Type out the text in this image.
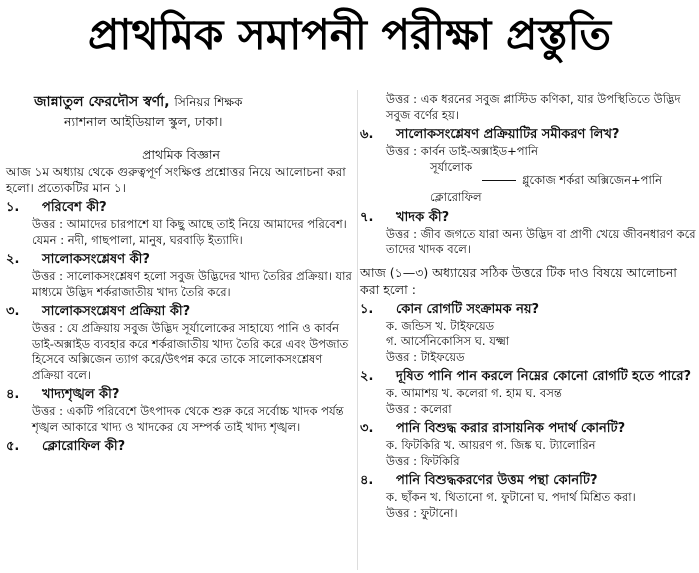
প্রাথমিক সমাপনী পরীক্ষা প্রস্তুতি
জান্নাতুল ফেরদৌস স্বর্ণা, সিনিয়র শিক্ষক
ন্যাশনাল আইডিয়াল স্কুল, ঢাকা।
প্রাথমিক বিজ্ঞান

আজ ১ম অধ্যায় থেকে গুরুত্বপূর্ণ সংক্ষিপ্ত প্রশ্নোত্তর নিয়ে আলোচনা করা হলো। প্রত্যেকটির মান ১।

১.	পরিবেশ কী?

উত্তর : আমাদের চারপাশে যা কিছু আছে তাই নিয়ে আমাদের পরিবেশ। যেমন : নদী, গাছপালা, মানুষ, ঘরবাড়ি ইত্যাদি।

২.	সালোকসংশ্লেষণ কী?

উত্তর : সালোকসংশ্লেষণ হলো সবুজ উদ্ভিদের খাদ্য তৈরির প্রক্রিয়া। যার মাধ্যমে উদ্ভিদ শর্করাজাতীয় খাদ্য তৈরি করে।

৩.	সালোকসংশ্লেষণ প্রক্রিয়া কী?

উত্তর : যে প্রক্রিয়ায় সবুজ উদ্ভিদ সূর্যালোকের সাহায্যে পানি ও কার্বন ডাই-অক্সাইড ব্যবহার করে শর্করাজাতীয় খাদ্য তৈরি করে এবং উপজাত হিসেবে অক্সিজেন ত্যাগ করে/উৎপন্ন করে তাকে সালোকসংশ্লেষণ প্রক্রিয়া বলে।

৪.	খাদ্যশৃঙ্খল কী?

উত্তর : একটি পরিবেশে উৎপাদক থেকে শুরু করে সর্বোচ্চ খাদক পর্যন্ত শৃঙ্খল আকারে খাদ্য ও খাদকের যে সম্পর্ক তাই খাদ্য শৃঙ্খল।

৫.	ক্লোরোফিল কী?

উত্তর : এক ধরনের সবুজ প্লাস্টিড কণিকা, যার উপস্থিতিতে উদ্ভিদ সবুজ বর্ণের হয়।

৬.	সালোকসংশ্লেষণ প্রক্রিয়াটির সমীকরণ লিখ?

উত্তর : কার্বন ডাই-অক্সাইড+পানি

সূর্যালোক
গ্লুকোজ শর্করা অক্সিজেন+পানি
ক্লোরোফিল
৭.	খাদক কী?

উত্তর : জীব জগতে যারা অন্য উদ্ভিদ বা প্রাণী খেয়ে জীবনধারণ করে তাদের খাদক বলে।

আজ (১—৩) অধ্যায়ের সঠিক উত্তরে টিক দাও বিষয়ে আলোচনা করা হলো :

১.	কোন রোগটি সংক্রামক নয়?

ক. জন্ডিস খ. টাইফয়েড

গ. আর্সেনিকোসিস ঘ. যক্ষ্মা

উত্তর : টাইফয়েড

২.	দূষিত পানি পান করলে নিম্নের কোনো রোগটি হতে পারে?

ক. আমাশয় খ. কলেরা গ. হাম ঘ. বসন্ত

উত্তর : কলেরা

৩.	পানি বিশুদ্ধ করার রাসায়নিক পদার্থ কোনটি?

ক. ফিটকিরি খ. আয়রণ গ. জিঙ্ক ঘ. ট্যালোরিন

উত্তর : ফিটকিরি

৪.	পানি বিশুদ্ধকরণের উত্তম পন্থা কোনটি?

ক. ছাঁকন খ. থিতানো গ. ফুটানো ঘ. পদার্থ মিশ্রিত করা।

উত্তর : ফুটানো।
